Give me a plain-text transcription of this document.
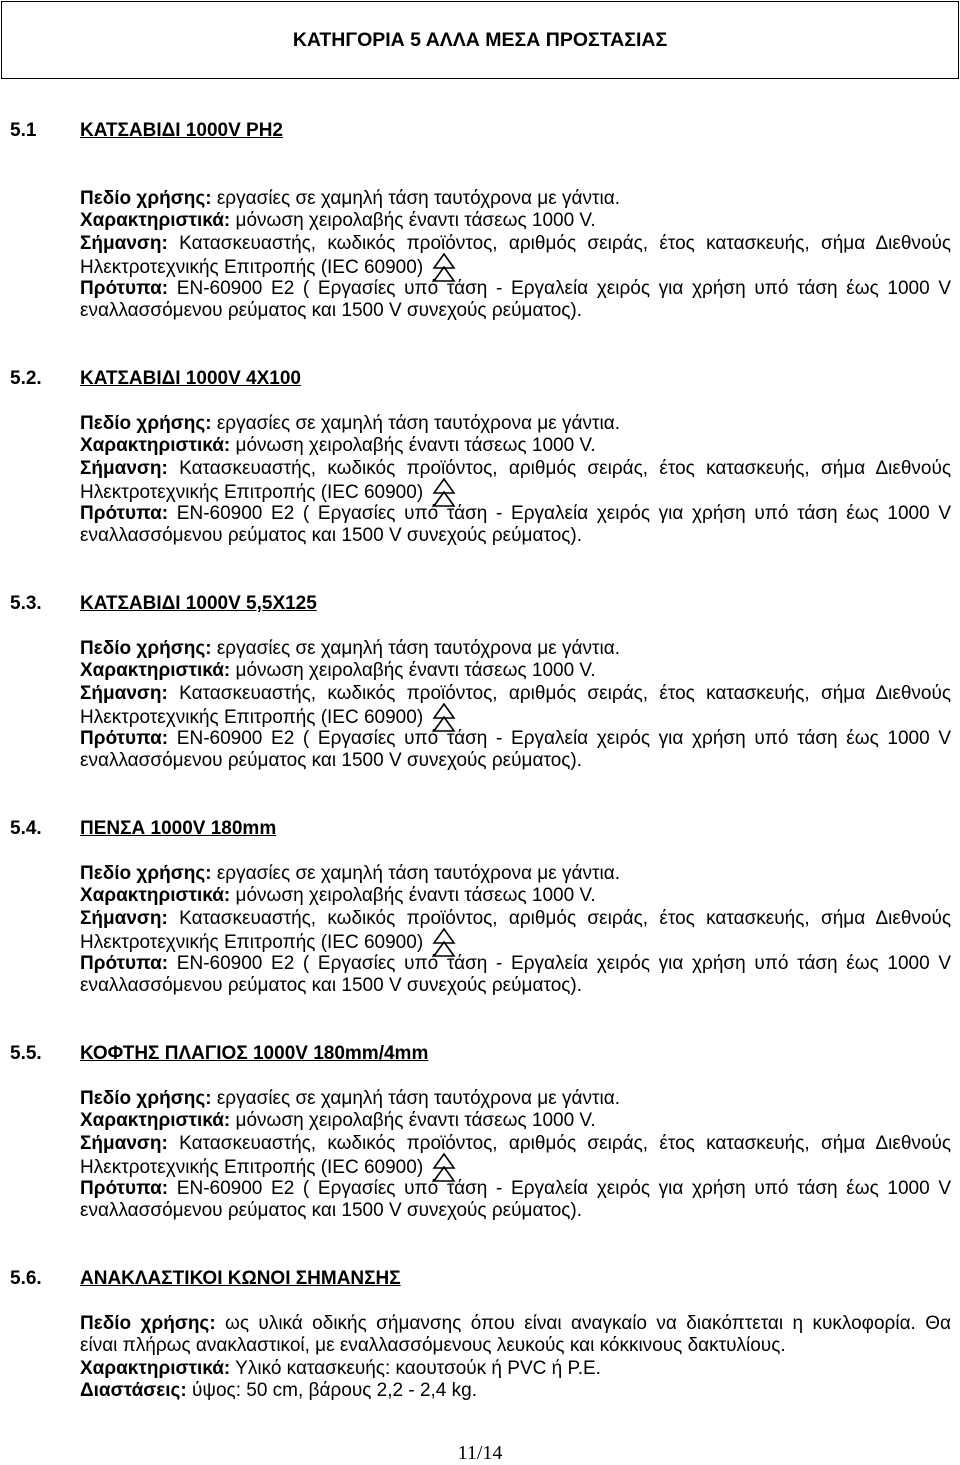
ΚΑΤΗΓΟΡΙΑ 5 ΑΛΛΑ ΜΕΣΑ ΠΡΟΣΤΑΣΙΑΣ
5.1 ΚΑΤΣΑΒΙΔΙ 1000V PH2
Πεδίο χρήσης: εργασίες σε χαμηλή τάση ταυτόχρονα με γάντια.
Χαρακτηριστικά: μόνωση χειρολαβής έναντι τάσεως 1000 V.
Σήμανση: Κατασκευαστής, κωδικός προϊόντος, αριθμός σειράς, έτος κατασκευής, σήμα Διεθνούς
Ηλεκτροτεχνικής Επιτροπής (IEC 60900)
Πρότυπα: EN-60900 E2 ( Εργασίες υπό τάση - Εργαλεία χειρός για χρήση υπό τάση έως 1000 V
εναλλασσόμενου ρεύματος και 1500 V συνεχούς ρεύματος).
5.2. ΚΑΤΣΑΒΙΔΙ 1000V 4X100
Πεδίο χρήσης: εργασίες σε χαμηλή τάση ταυτόχρονα με γάντια.
Χαρακτηριστικά: μόνωση χειρολαβής έναντι τάσεως 1000 V.
Σήμανση: Κατασκευαστής, κωδικός προϊόντος, αριθμός σειράς, έτος κατασκευής, σήμα Διεθνούς
Ηλεκτροτεχνικής Επιτροπής (IEC 60900)
Πρότυπα: EN-60900 E2 ( Εργασίες υπό τάση - Εργαλεία χειρός για χρήση υπό τάση έως 1000 V
εναλλασσόμενου ρεύματος και 1500 V συνεχούς ρεύματος).
5.3. ΚΑΤΣΑΒΙΔΙ 1000V 5,5X125
Πεδίο χρήσης: εργασίες σε χαμηλή τάση ταυτόχρονα με γάντια.
Χαρακτηριστικά: μόνωση χειρολαβής έναντι τάσεως 1000 V.
Σήμανση: Κατασκευαστής, κωδικός προϊόντος, αριθμός σειράς, έτος κατασκευής, σήμα Διεθνούς
Ηλεκτροτεχνικής Επιτροπής (IEC 60900)
Πρότυπα: EN-60900 E2 ( Εργασίες υπό τάση - Εργαλεία χειρός για χρήση υπό τάση έως 1000 V
εναλλασσόμενου ρεύματος και 1500 V συνεχούς ρεύματος).
5.4. ΠΕΝΣΑ 1000V 180mm
Πεδίο χρήσης: εργασίες σε χαμηλή τάση ταυτόχρονα με γάντια.
Χαρακτηριστικά: μόνωση χειρολαβής έναντι τάσεως 1000 V.
Σήμανση: Κατασκευαστής, κωδικός προϊόντος, αριθμός σειράς, έτος κατασκευής, σήμα Διεθνούς
Ηλεκτροτεχνικής Επιτροπής (IEC 60900)
Πρότυπα: EN-60900 E2 ( Εργασίες υπό τάση - Εργαλεία χειρός για χρήση υπό τάση έως 1000 V
εναλλασσόμενου ρεύματος και 1500 V συνεχούς ρεύματος).
5.5. ΚΟΦΤΗΣ ΠΛΑΓΙΟΣ 1000V 180mm/4mm
Πεδίο χρήσης: εργασίες σε χαμηλή τάση ταυτόχρονα με γάντια.
Χαρακτηριστικά: μόνωση χειρολαβής έναντι τάσεως 1000 V.
Σήμανση: Κατασκευαστής, κωδικός προϊόντος, αριθμός σειράς, έτος κατασκευής, σήμα Διεθνούς
Ηλεκτροτεχνικής Επιτροπής (IEC 60900)
Πρότυπα: EN-60900 E2 ( Εργασίες υπό τάση - Εργαλεία χειρός για χρήση υπό τάση έως 1000 V
εναλλασσόμενου ρεύματος και 1500 V συνεχούς ρεύματος).
5.6. ΑΝΑΚΛΑΣΤΙΚΟΙ ΚΩΝΟΙ ΣΗΜΑΝΣΗΣ
Πεδίο χρήσης: ως υλικά οδικής σήμανσης όπου είναι αναγκαίο να διακόπτεται η κυκλοφορία. Θα
είναι πλήρως ανακλαστικοί, με εναλλασσόμενους λευκούς και κόκκινους δακτυλίους.
Χαρακτηριστικά: Υλικό κατασκευής: καουτσούκ ή PVC ή P.E.
Διαστάσεις: ύψος: 50 cm, βάρους 2,2 - 2,4 kg.
11/14
